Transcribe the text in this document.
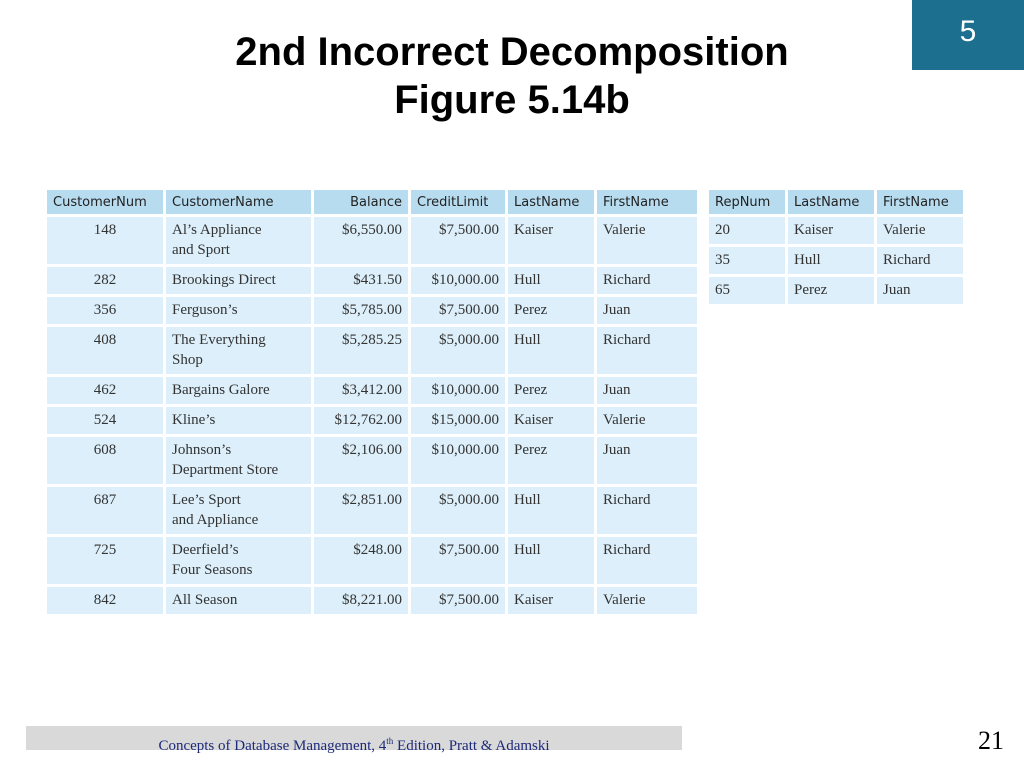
5
2nd Incorrect Decomposition
Figure 5.14b
CustomerNum	CustomerName	Balance	CreditLimit	LastName	FirstName
148	Al’s Appliance
and Sport	$6,550.00	$7,500.00	Kaiser	Valerie
282	Brookings Direct	$431.50	$10,000.00	Hull	Richard
356	Ferguson’s	$5,785.00	$7,500.00	Perez	Juan
408	The Everything
Shop	$5,285.25	$5,000.00	Hull	Richard
462	Bargains Galore	$3,412.00	$10,000.00	Perez	Juan
524	Kline’s	$12,762.00	$15,000.00	Kaiser	Valerie
608	Johnson’s
Department Store	$2,106.00	$10,000.00	Perez	Juan
687	Lee’s Sport
and Appliance	$2,851.00	$5,000.00	Hull	Richard
725	Deerfield’s
Four Seasons	$248.00	$7,500.00	Hull	Richard
842	All Season	$8,221.00	$7,500.00	Kaiser	Valerie
RepNum	LastName	FirstName
20	Kaiser	Valerie
35	Hull	Richard
65	Perez	Juan
Concepts of Database Management, 4th Edition, Pratt & Adamski	21
